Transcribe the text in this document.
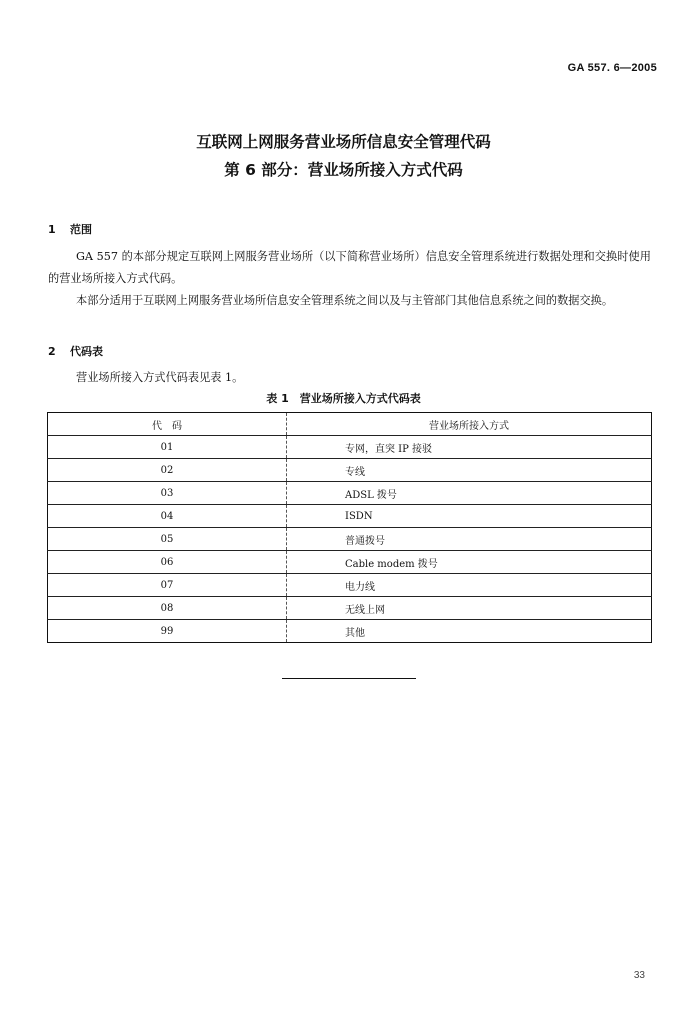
GA 557. 6—2005
互联网上网服务营业场所信息安全管理代码
第 6 部分：营业场所接入方式代码
1 范围
GA 557 的本部分规定互联网上网服务营业场所（以下简称营业场所）信息安全管理系统进行数据处理和交换时使用的营业场所接入方式代码。
本部分适用于互联网上网服务营业场所信息安全管理系统之间以及与主管部门其他信息系统之间的数据交换。
2 代码表
营业场所接入方式代码表见表 1。
表 1　营业场所接入方式代码表
代　码	营业场所接入方式
01	专网，直突 IP 接驳
02	专线
03	ADSL 拨号
04	ISDN
05	普通拨号
06	Cable modem 拨号
07	电力线
08	无线上网
99	其他
33
